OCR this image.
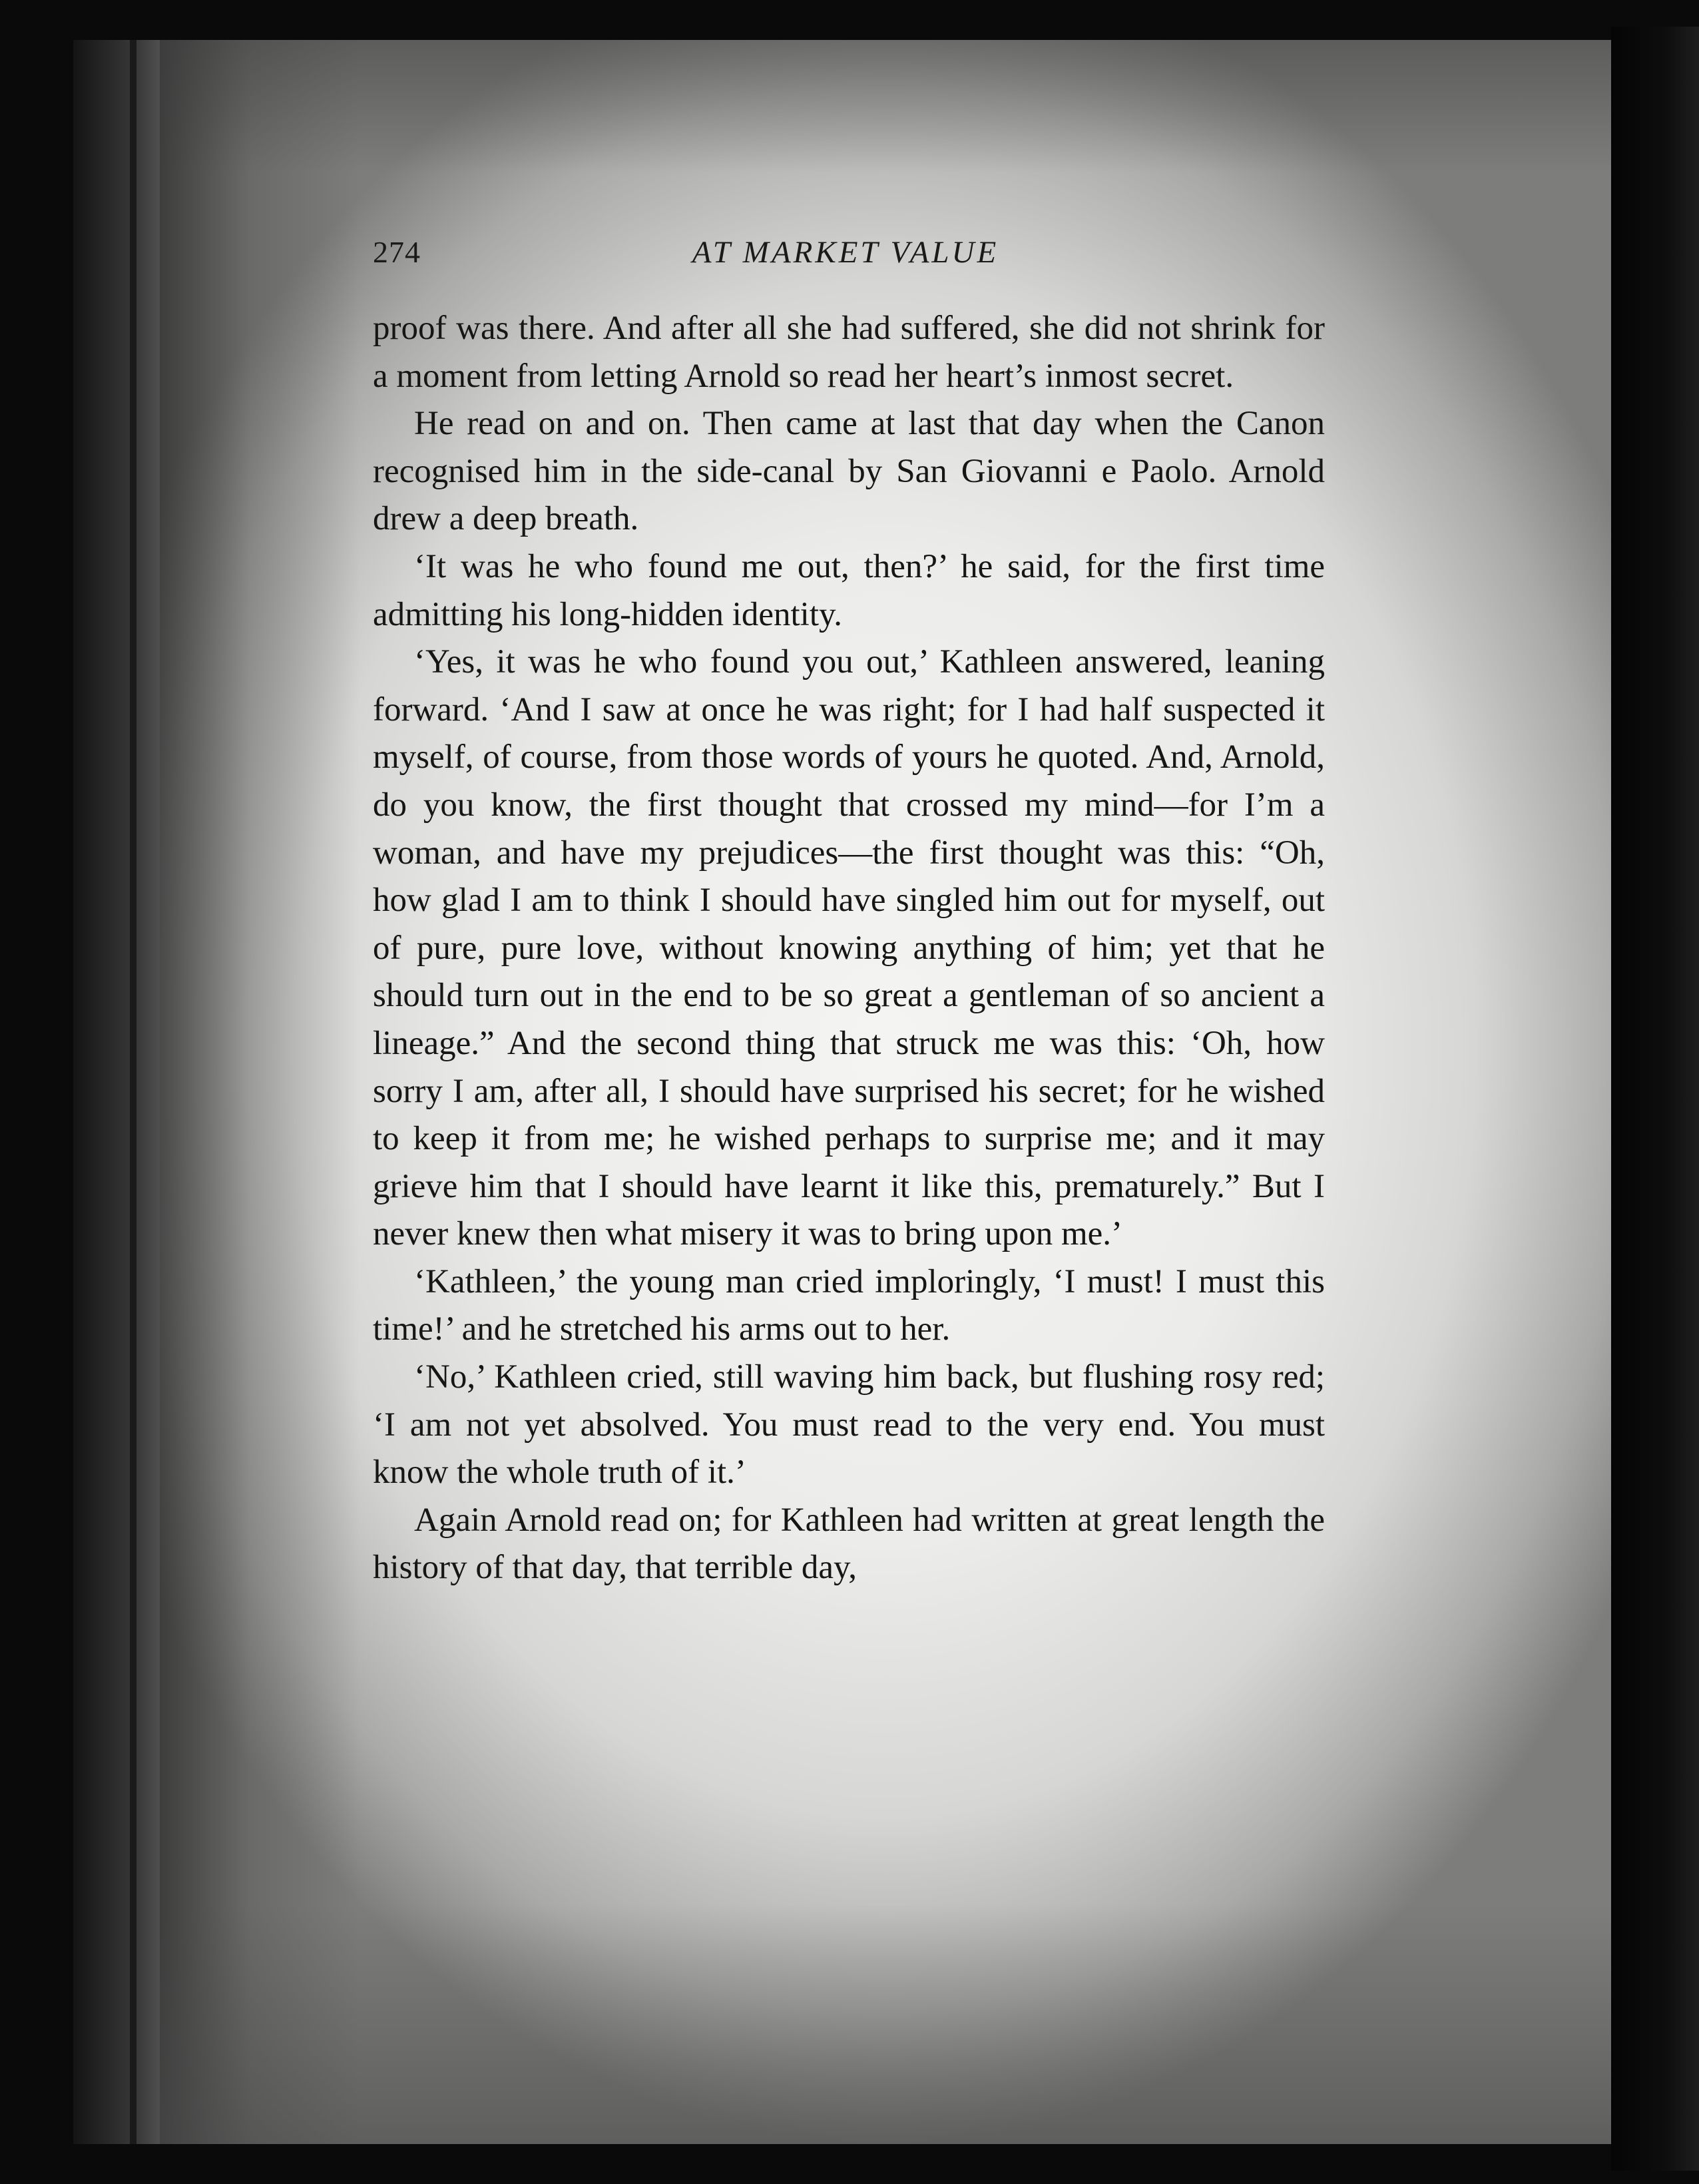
AT MARKET VALUE
274

proof was there. And after all she had suffered, she did not shrink for a moment from letting Arnold so read her heart’s inmost secret.

He read on and on. Then came at last that day when the Canon recognised him in the side-canal by San Giovanni e Paolo. Arnold drew a deep breath.

‘It was he who found me out, then?’ he said, for the first time admitting his long-hidden identity.

‘Yes, it was he who found you out,’ Kathleen answered, leaning forward. ‘And I saw at once he was right; for I had half suspected it myself, of course, from those words of yours he quoted. And, Arnold, do you know, the first thought that crossed my mind—for I’m a woman, and have my prejudices—the first thought was this: “Oh, how glad I am to think I should have singled him out for myself, out of pure, pure love, without knowing anything of him; yet that he should turn out in the end to be so great a gentleman of so ancient a lineage.” And the second thing that struck me was this: ‘Oh, how sorry I am, after all, I should have surprised his secret; for he wished to keep it from me; he wished perhaps to surprise me; and it may grieve him that I should have learnt it like this, prematurely.” But I never knew then what misery it was to bring upon me.’

‘Kathleen,’ the young man cried imploringly, ‘I must! I must this time!’ and he stretched his arms out to her.

‘No,’ Kathleen cried, still waving him back, but flushing rosy red; ‘I am not yet absolved. You must read to the very end. You must know the whole truth of it.’

Again Arnold read on; for Kathleen had written at great length the history of that day, that terrible day,
